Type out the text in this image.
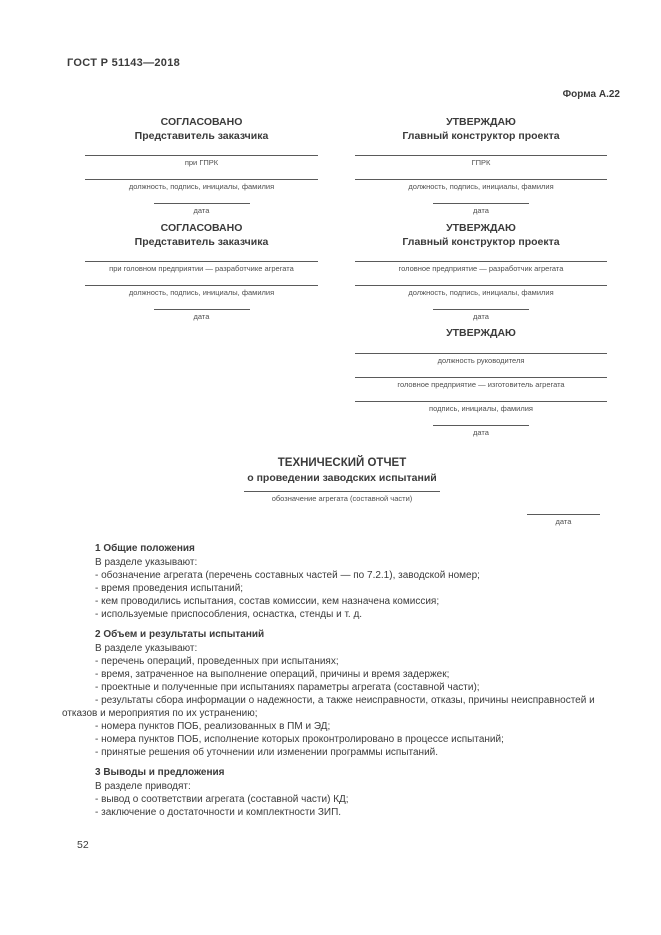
ГОСТ Р 51143—2018
Форма А.22
СОГЛАСОВАНО
Представитель заказчика
при ГПРК
должность, подпись, инициалы, фамилия
дата
УТВЕРЖДАЮ
Главный конструктор проекта
ГПРК
должность, подпись, инициалы, фамилия
дата
СОГЛАСОВАНО
Представитель заказчика
при головном предприятии — разработчике агрегата
должность, подпись, инициалы, фамилия
дата
УТВЕРЖДАЮ
Главный конструктор проекта
головное предприятие — разработчик агрегата
должность, подпись, инициалы, фамилия
дата
УТВЕРЖДАЮ
должность руководителя
головное предприятие — изготовитель агрегата
подпись, инициалы, фамилия
дата
ТЕХНИЧЕСКИЙ ОТЧЕТ
о проведении заводских испытаний
обозначение агрегата (составной части)
дата
1 Общие положения
В разделе указывают:
- обозначение агрегата (перечень составных частей — по 7.2.1), заводской номер;
- время проведения испытаний;
- кем проводились испытания, состав комиссии, кем назначена комиссия;
- используемые приспособления, оснастка, стенды и т. д.
2 Объем и результаты испытаний
В разделе указывают:
- перечень операций, проведенных при испытаниях;
- время, затраченное на выполнение операций, причины и время задержек;
- проектные и полученные при испытаниях параметры агрегата (составной части);
- результаты сбора информации о надежности, а также неисправности, отказы, причины неисправностей и отказов и мероприятия по их устранению;
- номера пунктов ПОБ, реализованных в ПМ и ЭД;
- номера пунктов ПОБ, исполнение которых проконтролировано в процессе испытаний;
- принятые решения об уточнении или изменении программы испытаний.
3 Выводы и предложения
В разделе приводят:
- вывод о соответствии агрегата (составной части) КД;
- заключение о достаточности и комплектности ЗИП.
52
